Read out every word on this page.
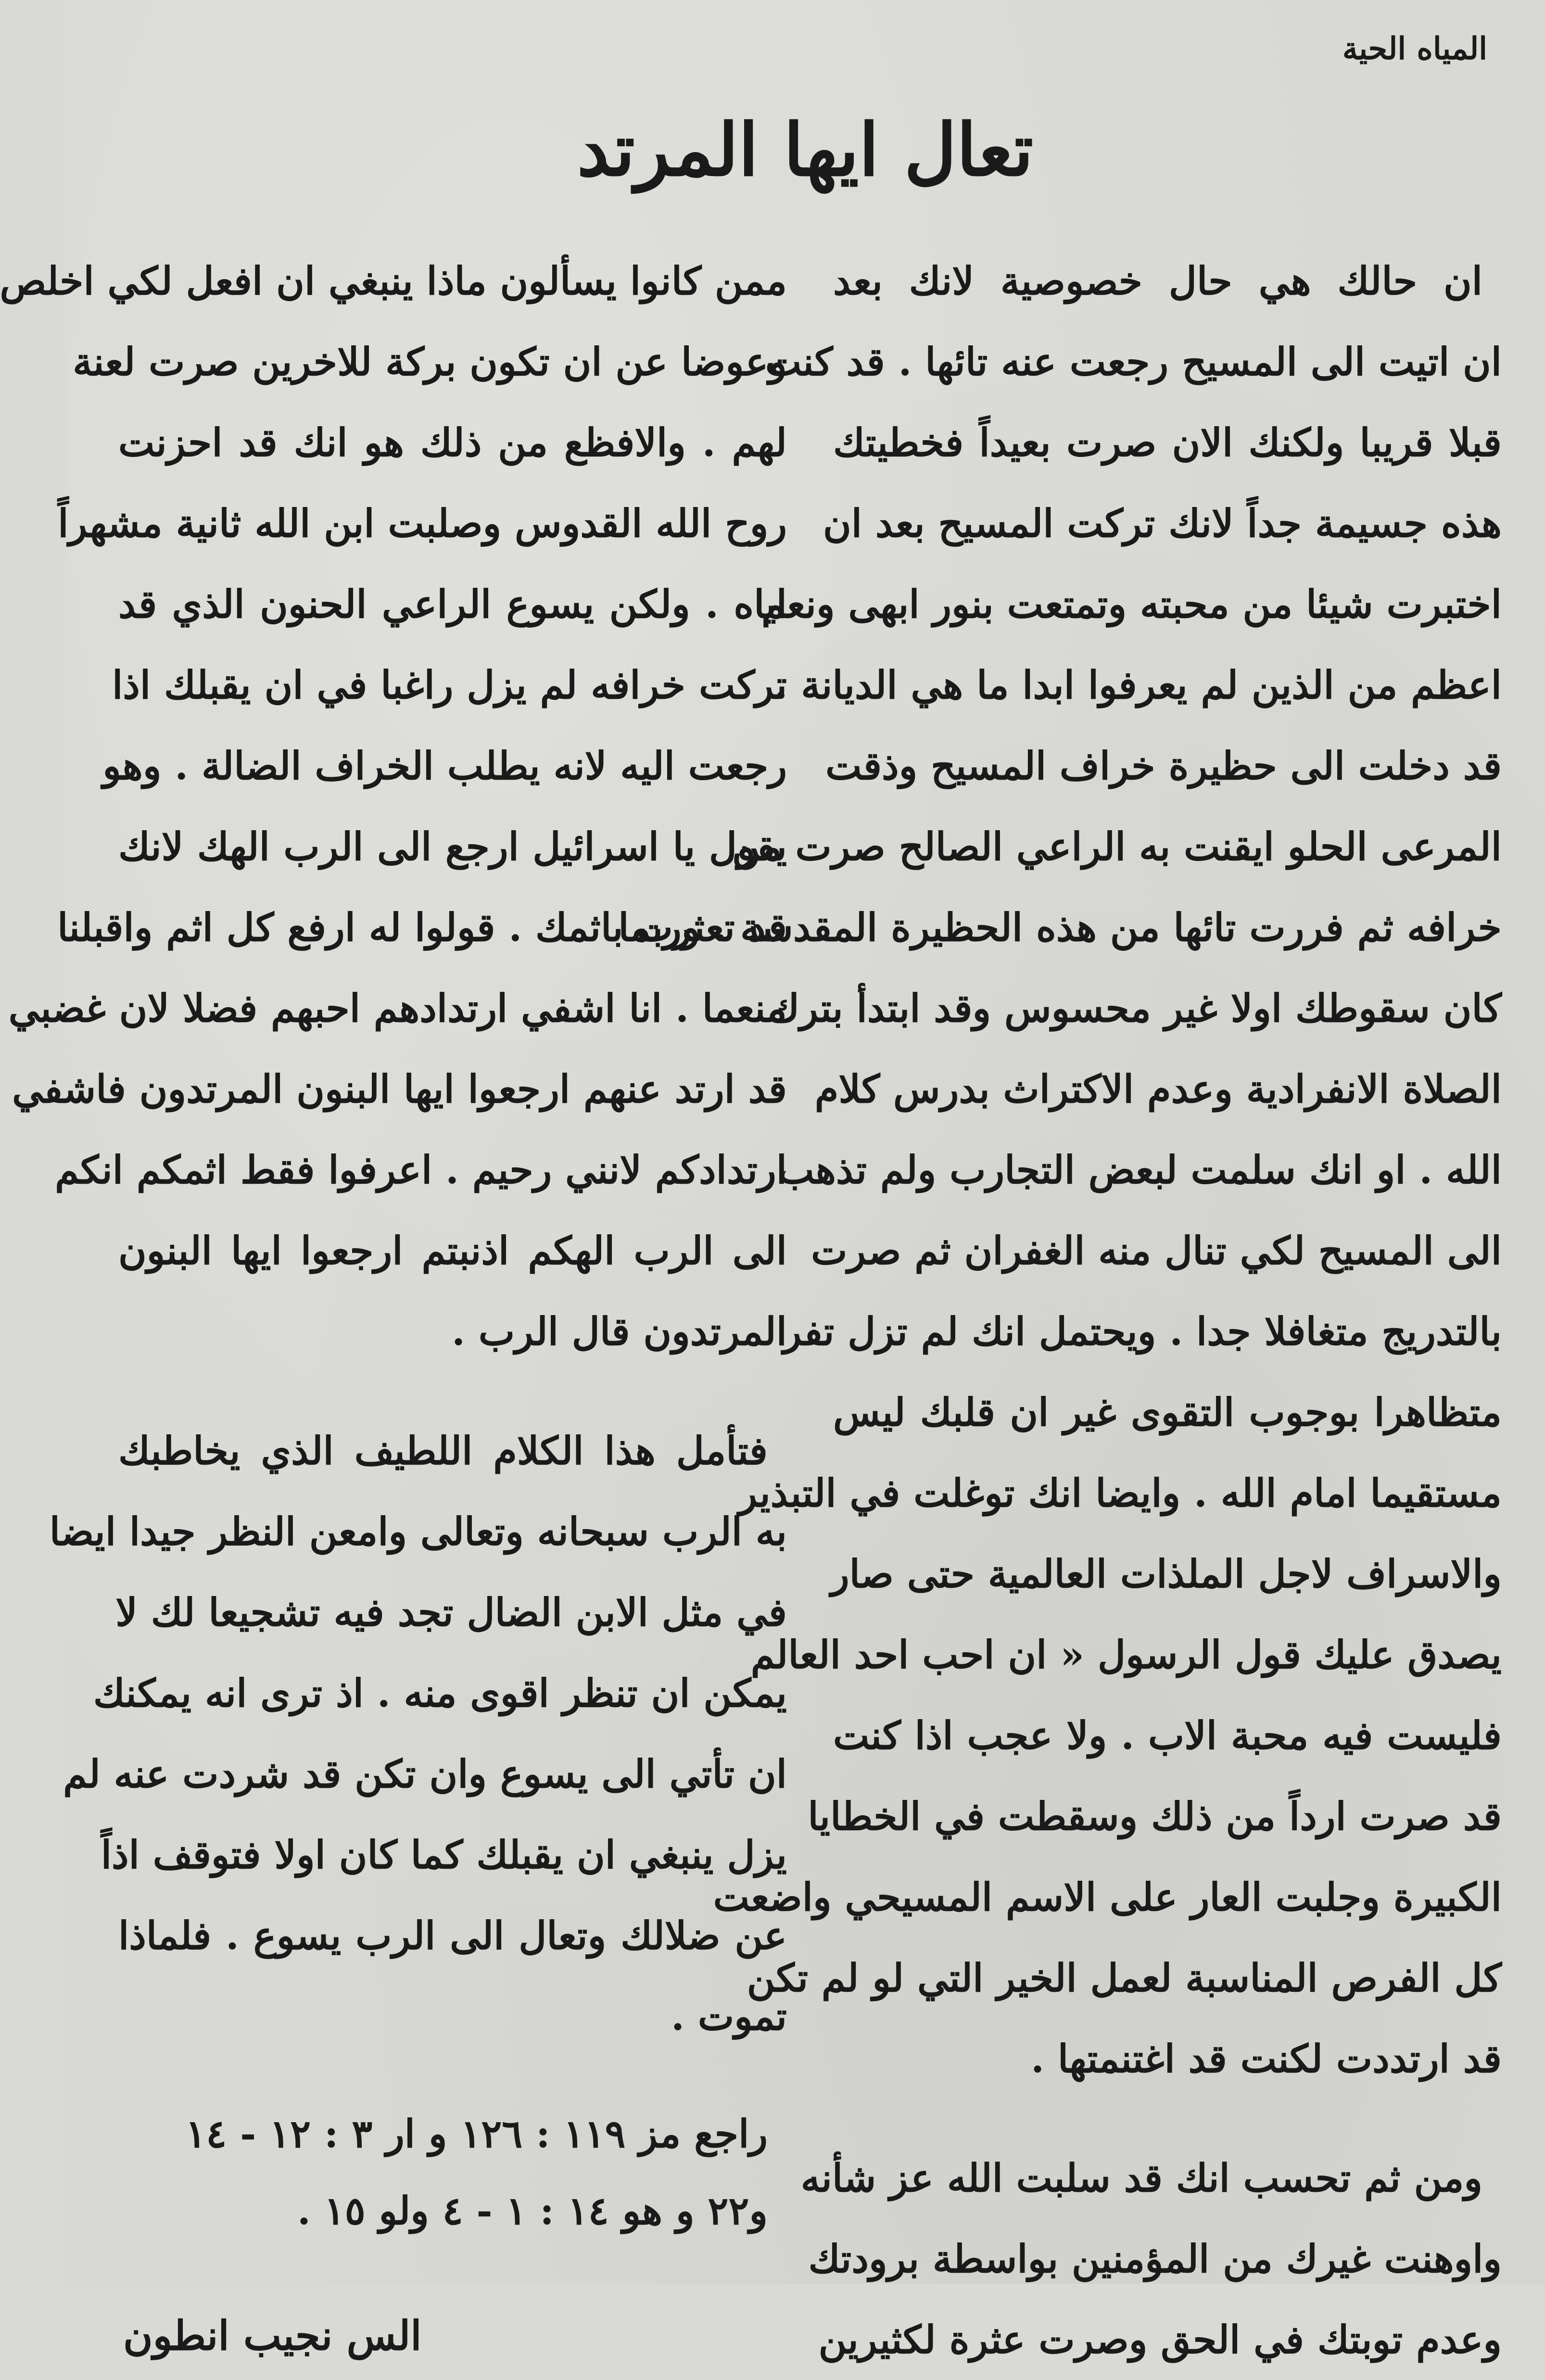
المياه الحية
تعال ايها المرتد
ان حالك هي حال خصوصية لانك بعد
ان اتيت الى المسيح رجعت عنه تائها . قد كنت
قبلا قريبا ولكنك الان صرت بعيداً فخطيتك
هذه جسيمة جداً لانك تركت المسيح بعد ان
اختبرت شيئا من محبته وتمتعت بنور ابهى ونعم
اعظم من الذين لم يعرفوا ابدا ما هي الديانة .
قد دخلت الى حظيرة خراف المسيح وذقت
المرعى الحلو ايقنت به الراعي الصالح صرت من
خرافه ثم فررت تائها من هذه الحظيرة المقدسة . وربما
كان سقوطك اولا غير محسوس وقد ابتدأ بترك
الصلاة الانفرادية وعدم الاكتراث بدرس كلام
الله . او انك سلمت لبعض التجارب ولم تذهب
الى المسيح لكي تنال منه الغفران ثم صرت
بالتدريج متغافلا جدا . ويحتمل انك لم تزل تفر
متظاهرا بوجوب التقوى غير ان قلبك ليس
مستقيما امام الله . وايضا انك توغلت في التبذير
والاسراف لاجل الملذات العالمية حتى صار
يصدق عليك قول الرسول « ان احب احد العالم
فليست فيه محبة الاب . ولا عجب اذا كنت
قد صرت ارداً من ذلك وسقطت في الخطايا
الكبيرة وجلبت العار على الاسم المسيحي واضعت
كل الفرص المناسبة لعمل الخير التي لو لم تكن
قد ارتددت لكنت قد اغتنمتها .
ومن ثم تحسب انك قد سلبت الله عز شأنه
واوهنت غيرك من المؤمنين بواسطة برودتك
وعدم توبتك في الحق وصرت عثرة لكثيرين
ممن كانوا يسألون ماذا ينبغي ان افعل لكي اخلص
وعوضا عن ان تكون بركة للاخرين صرت لعنة
لهم . والافظع من ذلك هو انك قد احزنت
روح الله القدوس وصلبت ابن الله ثانية مشهراً
اياه . ولكن يسوع الراعي الحنون الذي قد
تركت خرافه لم يزل راغبا في ان يقبلك اذا
رجعت اليه لانه يطلب الخراف الضالة . وهو
يقول يا اسرائيل ارجع الى الرب الهك لانك
قد تعثرت باثمك . قولوا له ارفع كل اثم واقبلنا
منعما . انا اشفي ارتدادهم احبهم فضلا لان غضبي
قد ارتد عنهم ارجعوا ايها البنون المرتدون فاشفي
ارتدادكم لانني رحيم . اعرفوا فقط اثمكم انكم
الى الرب الهكم اذنبتم ارجعوا ايها البنون
المرتدون قال الرب .
فتأمل هذا الكلام اللطيف الذي يخاطبك
به الرب سبحانه وتعالى وامعن النظر جيدا ايضا
في مثل الابن الضال تجد فيه تشجيعا لك لا
يمكن ان تنظر اقوى منه . اذ ترى انه يمكنك
ان تأتي الى يسوع وان تكن قد شردت عنه لم
يزل ينبغي ان يقبلك كما كان اولا فتوقف اذاً
عن ضلالك وتعال الى الرب يسوع . فلماذا
تموت .
راجع مز ١١٩ : ١٢٦ و ار ٣ : ١٢ - ١٤
و٢٢ و هو ١٤ : ١ - ٤ ولو ١٥ .
الس نجيب انطون
